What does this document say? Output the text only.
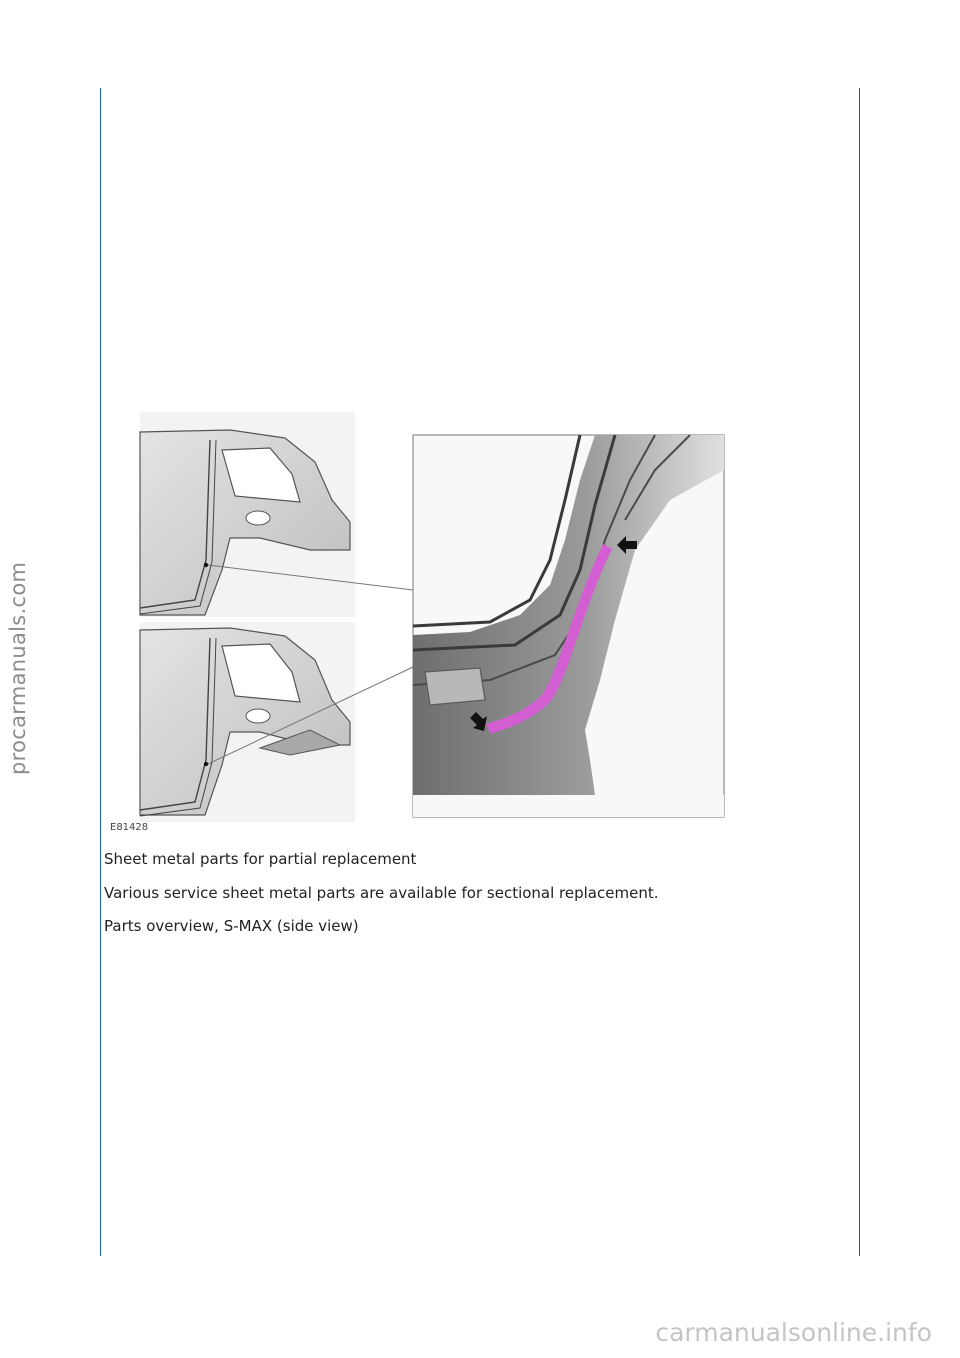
procarmanuals.com
E81428

Sheet metal parts for partial replacement

Various service sheet metal parts are available for sectional replacement.

Parts overview, S-MAX (side view)

carmanualsonline.info
